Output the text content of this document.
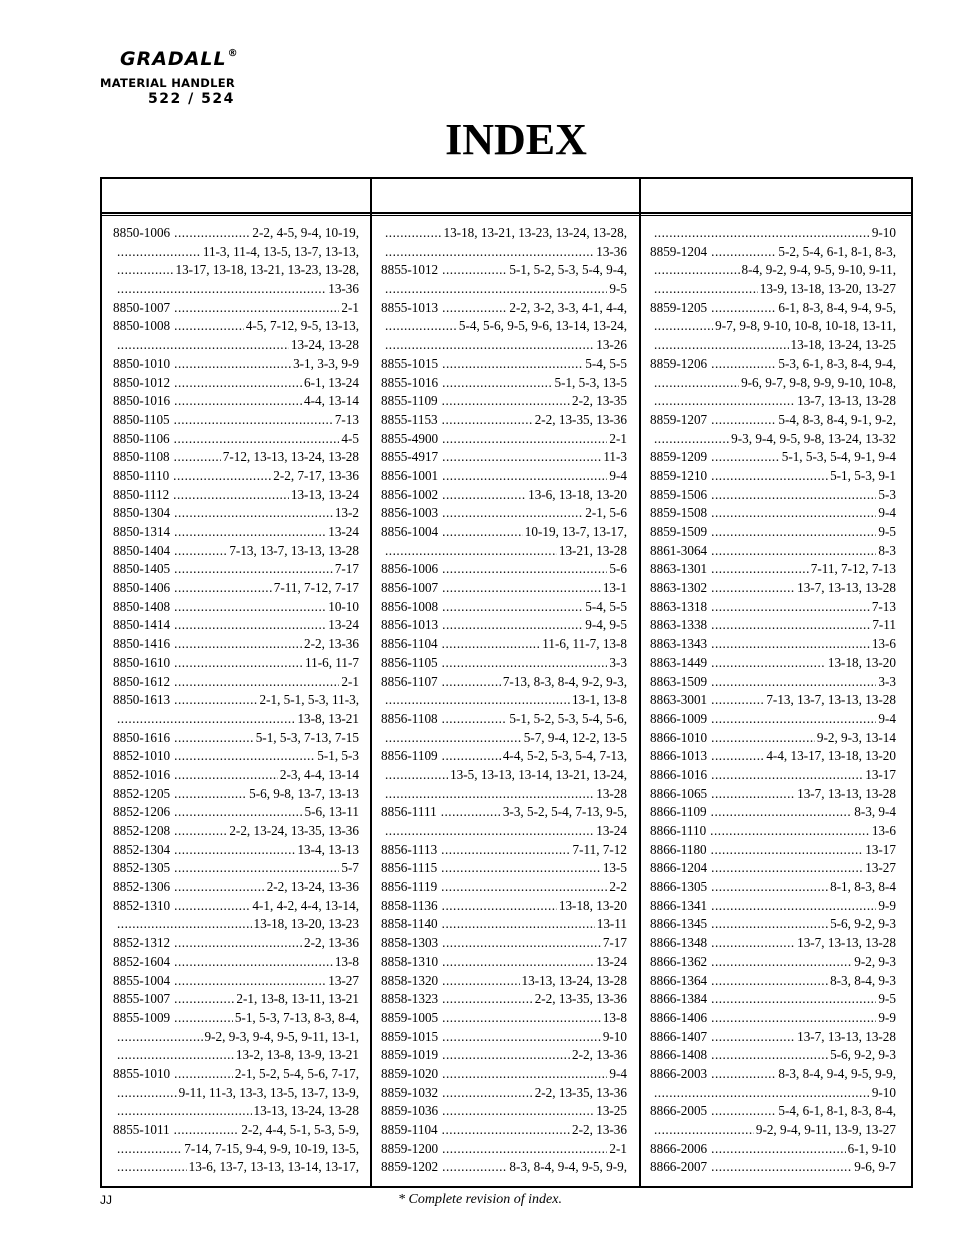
GRADALL®
MATERIAL HANDLER
522 / 524
INDEX
8850-1006 .....	2-2, 4-5, 9-4, 10-19,
.....
11-3, 11-4, 13-5, 13-7, 13-13,
.....
13-17, 13-18, 13-21, 13-23, 13-28,
.....
13-36
8850-1007 .....	2-1
8850-1008 .....	4-5, 7-12, 9-5, 13-13,
.....
13-24, 13-28
8850-1010 .....	3-1, 3-3, 9-9
8850-1012 .....	6-1, 13-24
8850-1016 .....	4-4, 13-14
8850-1105 .....	7-13
8850-1106 .....	4-5
8850-1108 .....	7-12, 13-13, 13-24, 13-28
8850-1110 .....	2-2, 7-17, 13-36
8850-1112 .....	13-13, 13-24
8850-1304 .....	13-2
8850-1314 .....	13-24
8850-1404 .....	7-13, 13-7, 13-13, 13-28
8850-1405 .....	7-17
8850-1406 .....	7-11, 7-12, 7-17
8850-1408 .....	10-10
8850-1414 .....	13-24
8850-1416 .....	2-2, 13-36
8850-1610 .....	11-6, 11-7
8850-1612 .....	2-1
8850-1613 .....	2-1, 5-1, 5-3, 11-3,
.....
13-8, 13-21
8850-1616 .....	5-1, 5-3, 7-13, 7-15
8852-1010 .....	5-1, 5-3
8852-1016 .....	2-3, 4-4, 13-14
8852-1205 .....	5-6, 9-8, 13-7, 13-13
8852-1206 .....	5-6, 13-11
8852-1208 .....	2-2, 13-24, 13-35, 13-36
8852-1304 .....	13-4, 13-13
8852-1305 .....	5-7
8852-1306 .....	2-2, 13-24, 13-36
8852-1310 .....	4-1, 4-2, 4-4, 13-14,
.....
13-18, 13-20, 13-23
8852-1312 .....	2-2, 13-36
8852-1604 .....	13-8
8855-1004 .....	13-27
8855-1007 .....	2-1, 13-8, 13-11, 13-21
8855-1009 .....	5-1, 5-3, 7-13, 8-3, 8-4,
.....
9-2, 9-3, 9-4, 9-5, 9-11, 13-1,
.....
13-2, 13-8, 13-9, 13-21
8855-1010 .....	2-1, 5-2, 5-4, 5-6, 7-17,
.....
9-11, 11-3, 13-3, 13-5, 13-7, 13-9,
.....
13-13, 13-24, 13-28
8855-1011 .....	2-2, 4-4, 5-1, 5-3, 5-9,
.....
7-14, 7-15, 9-4, 9-9, 10-19, 13-5,
.....
13-6, 13-7, 13-13, 13-14, 13-17,
.....
13-18, 13-21, 13-23, 13-24, 13-28,
.....
13-36
8855-1012 .....	5-1, 5-2, 5-3, 5-4, 9-4,
.....
9-5
8855-1013 .....	2-2, 3-2, 3-3, 4-1, 4-4,
.....
5-4, 5-6, 9-5, 9-6, 13-14, 13-24,
.....
13-26
8855-1015 .....	5-4, 5-5
8855-1016 .....	5-1, 5-3, 13-5
8855-1109 .....	2-2, 13-35
8855-1153 .....	2-2, 13-35, 13-36
8855-4900 .....	2-1
8855-4917 .....	11-3
8856-1001 .....	9-4
8856-1002 .....	13-6, 13-18, 13-20
8856-1003 .....	2-1, 5-6
8856-1004 .....	10-19, 13-7, 13-17,
.....
13-21, 13-28
8856-1006 .....	5-6
8856-1007 .....	13-1
8856-1008 .....	5-4, 5-5
8856-1013 .....	9-4, 9-5
8856-1104 .....	11-6, 11-7, 13-8
8856-1105 .....	3-3
8856-1107 .....	7-13, 8-3, 8-4, 9-2, 9-3,
.....
13-1, 13-8
8856-1108 .....	5-1, 5-2, 5-3, 5-4, 5-6,
.....
5-7, 9-4, 12-2, 13-5
8856-1109 .....	4-4, 5-2, 5-3, 5-4, 7-13,
.....
13-5, 13-13, 13-14, 13-21, 13-24,
.....
13-28
8856-1111 .....	3-3, 5-2, 5-4, 7-13, 9-5,
.....
13-24
8856-1113 .....	7-11, 7-12
8856-1115 .....	13-5
8856-1119 .....	2-2
8858-1136 .....	13-18, 13-20
8858-1140 .....	13-11
8858-1303 .....	7-17
8858-1310 .....	13-24
8858-1320 .....	13-13, 13-24, 13-28
8858-1323 .....	2-2, 13-35, 13-36
8859-1005 .....	13-8
8859-1015 .....	9-10
8859-1019 .....	2-2, 13-36
8859-1020 .....	9-4
8859-1032 .....	2-2, 13-35, 13-36
8859-1036 .....	13-25
8859-1104 .....	2-2, 13-36
8859-1200 .....	2-1
8859-1202 .....	8-3, 8-4, 9-4, 9-5, 9-9,
.....
9-10
8859-1204 .....	5-2, 5-4, 6-1, 8-1, 8-3,
.....
8-4, 9-2, 9-4, 9-5, 9-10, 9-11,
.....
13-9, 13-18, 13-20, 13-27
8859-1205 .....	6-1, 8-3, 8-4, 9-4, 9-5,
.....
9-7, 9-8, 9-10, 10-8, 10-18, 13-11,
.....
13-18, 13-24, 13-25
8859-1206 .....	5-3, 6-1, 8-3, 8-4, 9-4,
.....
9-6, 9-7, 9-8, 9-9, 9-10, 10-8,
.....
13-7, 13-13, 13-28
8859-1207 .....	5-4, 8-3, 8-4, 9-1, 9-2,
.....
9-3, 9-4, 9-5, 9-8, 13-24, 13-32
8859-1209 .....	5-1, 5-3, 5-4, 9-1, 9-4
8859-1210 .....	5-1, 5-3, 9-1
8859-1506 .....	5-3
8859-1508 .....	9-4
8859-1509 .....	9-5
8861-3064 .....	8-3
8863-1301 .....	7-11, 7-12, 7-13
8863-1302 .....	13-7, 13-13, 13-28
8863-1318 .....	7-13
8863-1338 .....	7-11
8863-1343 .....	13-6
8863-1449 .....	13-18, 13-20
8863-1509 .....	3-3
8863-3001 .....	7-13, 13-7, 13-13, 13-28
8866-1009 .....	9-4
8866-1010 .....	9-2, 9-3, 13-14
8866-1013 .....	4-4, 13-17, 13-18, 13-20
8866-1016 .....	13-17
8866-1065 .....	13-7, 13-13, 13-28
8866-1109 .....	8-3, 9-4
8866-1110 .....	13-6
8866-1180 .....	13-17
8866-1204 .....	13-27
8866-1305 .....	8-1, 8-3, 8-4
8866-1341 .....	9-9
8866-1345 .....	5-6, 9-2, 9-3
8866-1348 .....	13-7, 13-13, 13-28
8866-1362 .....	9-2, 9-3
8866-1364 .....	8-3, 8-4, 9-3
8866-1384 .....	9-5
8866-1406 .....	9-9
8866-1407 .....	13-7, 13-13, 13-28
8866-1408 .....	5-6, 9-2, 9-3
8866-2003 .....	8-3, 8-4, 9-4, 9-5, 9-9,
.....
9-10
8866-2005 .....	5-4, 6-1, 8-1, 8-3, 8-4,
.....
9-2, 9-4, 9-11, 13-9, 13-27
8866-2006 .....	6-1, 9-10
8866-2007 .....	9-6, 9-7
JJ	* Complete revision of index.
